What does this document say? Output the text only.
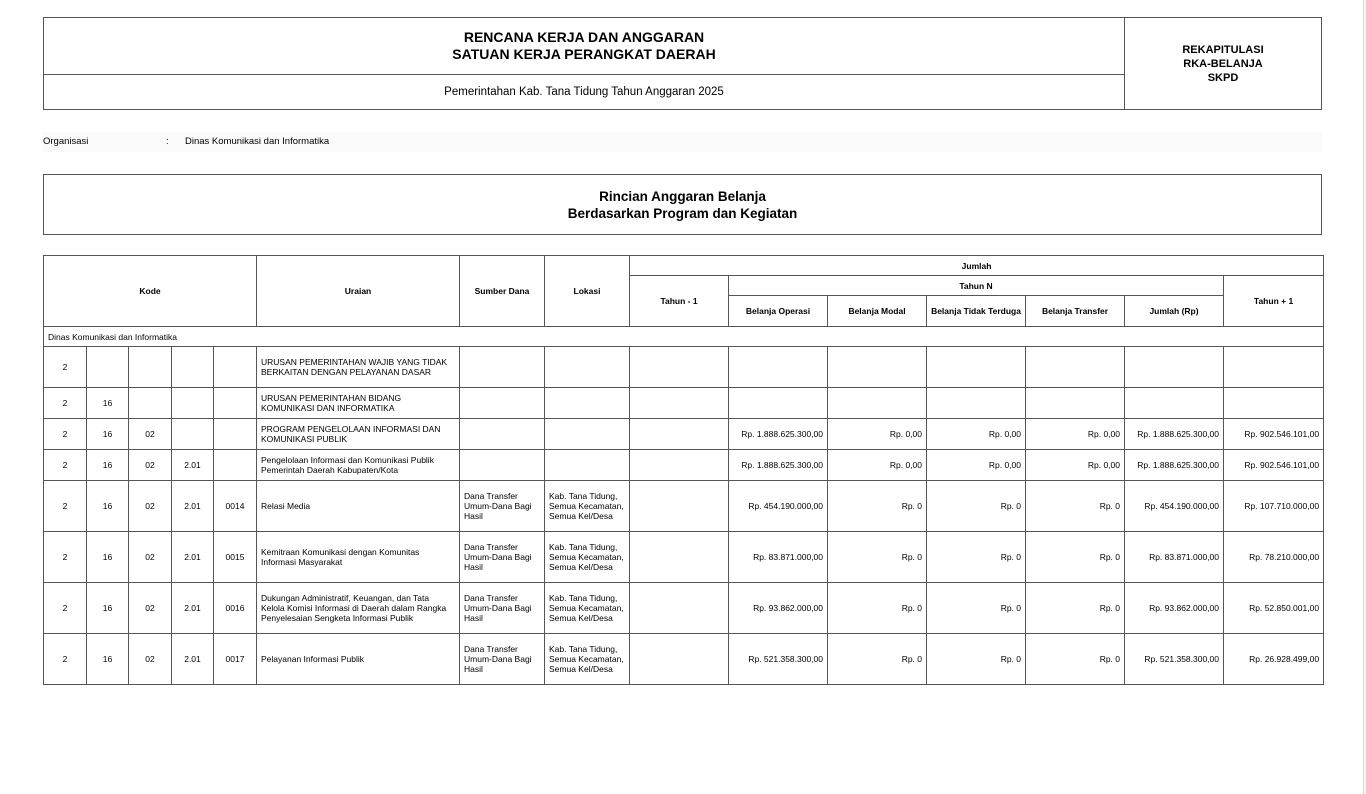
RENCANA KERJA DAN ANGGARAN
SATUAN KERJA PERANGKAT DAERAH
Pemerintahan Kab. Tana Tidung Tahun Anggaran 2025
REKAPITULASI
RKA-BELANJA
SKPD
Organisasi	: Dinas Komunikasi dan Informatika
Rincian Anggaran Belanja
Berdasarkan Program dan Kegiatan
Kode					Uraian	Sumber Dana	Lokasi	Jumlah						
								Tahun - 1	Tahun N					Tahun + 1
									Belanja Operasi	Belanja Modal	Belanja Tidak Terduga	Belanja Transfer	Jumlah (Rp)	
Dinas Komunikasi dan Informatika														
2					URUSAN PEMERINTAHAN WAJIB YANG TIDAK BERKAITAN DENGAN PELAYANAN DASAR									
2	16				URUSAN PEMERINTAHAN BIDANG KOMUNIKASI DAN INFORMATIKA									
2	16	02			PROGRAM PENGELOLAAN INFORMASI DAN KOMUNIKASI PUBLIK				Rp. 1.888.625.300,00	Rp. 0,00	Rp. 0,00	Rp. 0,00	Rp. 1.888.625.300,00	Rp. 902.546.101,00
2	16	02	2.01		Pengelolaan Informasi dan Komunikasi Publik Pemerintah Daerah Kabupaten/Kota				Rp. 1.888.625.300,00	Rp. 0,00	Rp. 0,00	Rp. 0,00	Rp. 1.888.625.300,00	Rp. 902.546.101,00
2	16	02	2.01	0014	Relasi Media	Dana Transfer Umum-Dana Bagi Hasil	Kab. Tana Tidung, Semua Kecamatan, Semua Kel/Desa		Rp. 454.190.000,00	Rp. 0	Rp. 0	Rp. 0	Rp. 454.190.000,00	Rp. 107.710.000,00
2	16	02	2.01	0015	Kemitraan Komunikasi dengan Komunitas Informasi Masyarakat	Dana Transfer Umum-Dana Bagi Hasil	Kab. Tana Tidung, Semua Kecamatan, Semua Kel/Desa		Rp. 83.871.000,00	Rp. 0	Rp. 0	Rp. 0	Rp. 83.871.000,00	Rp. 78.210.000,00
2	16	02	2.01	0016	Dukungan Administratif, Keuangan, dan Tata Kelola Komisi Informasi di Daerah dalam Rangka Penyelesaian Sengketa Informasi Publik	Dana Transfer Umum-Dana Bagi Hasil	Kab. Tana Tidung, Semua Kecamatan, Semua Kel/Desa		Rp. 93.862.000,00	Rp. 0	Rp. 0	Rp. 0	Rp. 93.862.000,00	Rp. 52.850.001,00
2	16	02	2.01	0017	Pelayanan Informasi Publik	Dana Transfer Umum-Dana Bagi Hasil	Kab. Tana Tidung, Semua Kecamatan, Semua Kel/Desa		Rp. 521.358.300,00	Rp. 0	Rp. 0	Rp. 0	Rp. 521.358.300,00	Rp. 26.928.499,00
